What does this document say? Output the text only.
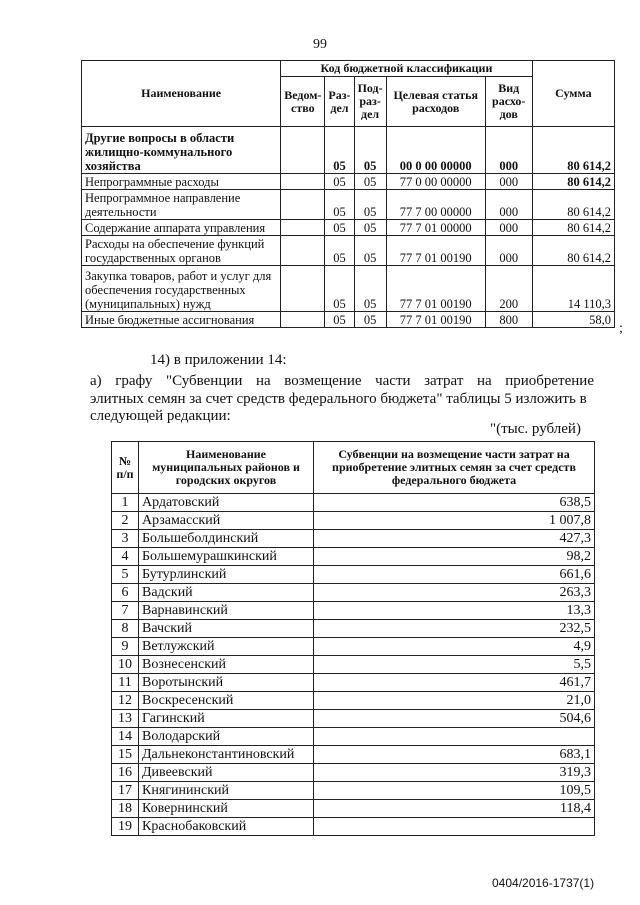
99
Наименование	Код бюджетной классификации					Сумма
	Ведом-ство	Раз-дел	Под-раз-дел	Целевая статья расходов	Вид расхо-дов	
Другие вопросы в области жилищно-коммунального хозяйства		05	05	00 0 00 00000	000	80 614,2
Непрограммные расходы		05	05	77 0 00 00000	000	80 614,2
Непрограммное направление деятельности		05	05	77 7 00 00000	000	80 614,2
Содержание аппарата управления		05	05	77 7 01 00000	000	80 614,2
Расходы на обеспечение функций государственных органов		05	05	77 7 01 00190	000	80 614,2
Закупка товаров, работ и услуг для обеспечения государственных (муниципальных) нужд		05	05	77 7 01 00190	200	14 110,3
Иные бюджетные ассигнования		05	05	77 7 01 00190	800	58,0
;
14) в приложении 14:
а) графу "Субвенции на возмещение части затрат на приобретение
элитных семян за счет средств федерального бюджета" таблицы 5 изложить в следующей редакции:
"(тыс. рублей)
№ п/п	Наименование муниципальных районов и городских округов	Субвенции на возмещение части затрат на приобретение элитных семян за счет средств федерального бюджета
1	Ардатовский	638,5
2	Арзамасский	1 007,8
3	Большеболдинский	427,3
4	Большемурашкинский	98,2
5	Бутурлинский	661,6
6	Вадский	263,3
7	Варнавинский	13,3
8	Вачский	232,5
9	Ветлужский	4,9
10	Вознесенский	5,5
11	Воротынский	461,7
12	Воскресенский	21,0
13	Гагинский	504,6
14	Володарский	
15	Дальнеконстантиновский	683,1
16	Дивеевский	319,3
17	Княгининский	109,5
18	Ковернинский	118,4
19	Краснобаковский	
0404/2016-1737(1)
